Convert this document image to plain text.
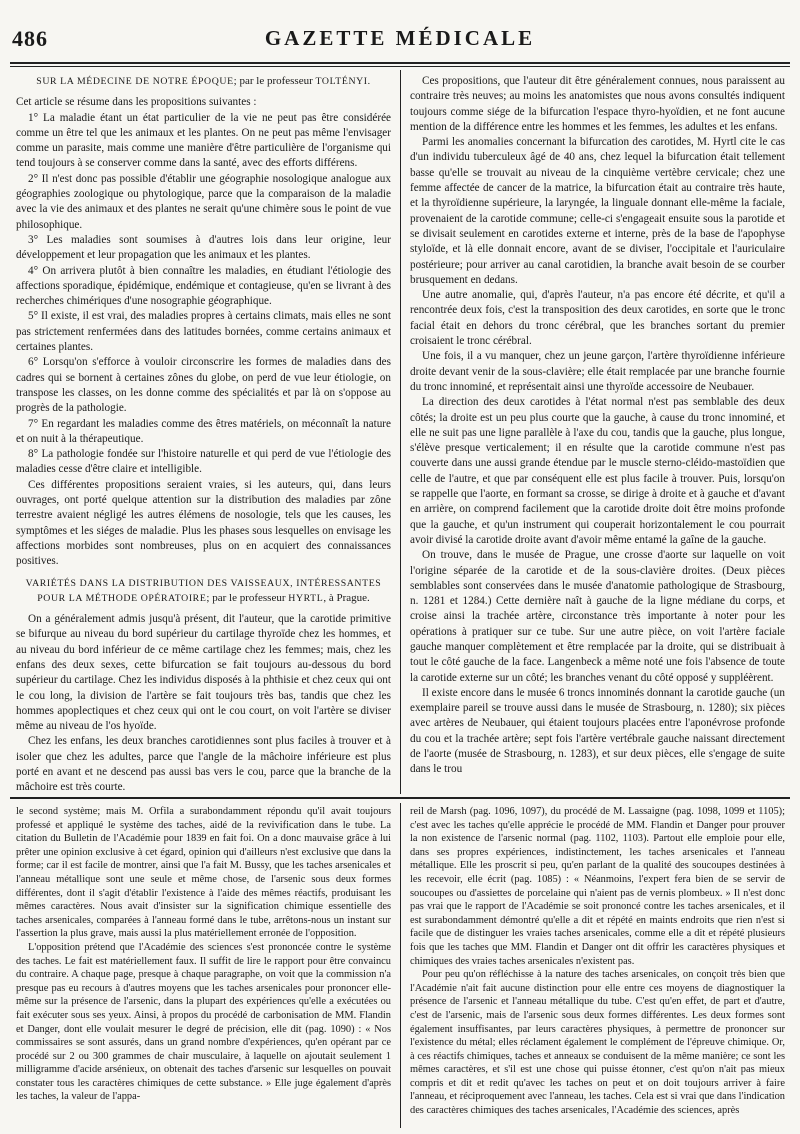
486	GAZETTE MÉDICALE

SUR LA MÉDECINE DE NOTRE ÉPOQUE; par le professeur TOLTÉNYI.

Cet article se résume dans les propositions suivantes :

1° La maladie étant un état particulier de la vie ne peut pas être considérée comme un être tel que les animaux et les plantes. On ne peut pas même l'envisager comme un parasite, mais comme une manière d'être particulière de l'organisme qui tend toujours à se conserver comme dans la santé, avec des efforts différens.

2° Il n'est donc pas possible d'établir une géographie nosologique analogue aux géographies zoologique ou phytologique, parce que la comparaison de la maladie avec la vie des animaux et des plantes ne serait qu'une chimère sous le point de vue philosophique.

3° Les maladies sont soumises à d'autres lois dans leur origine, leur développement et leur propagation que les animaux et les plantes.

4° On arrivera plutôt à bien connaître les maladies, en étudiant l'étiologie des affections sporadique, épidémique, endémique et contagieuse, qu'en se livrant à des recherches chimériques d'une nosographie géographique.

5° Il existe, il est vrai, des maladies propres à certains climats, mais elles ne sont pas strictement renfermées dans des latitudes bornées, comme certains animaux et certaines plantes.

6° Lorsqu'on s'efforce à vouloir circonscrire les formes de maladies dans des cadres qui se bornent à certaines zônes du globe, on perd de vue leur étiologie, on transpose les classes, on les donne comme des spécialités et par là on s'oppose au progrès de la pathologie.

7° En regardant les maladies comme des êtres matériels, on méconnaît la nature et on nuit à la thérapeutique.

8° La pathologie fondée sur l'histoire naturelle et qui perd de vue l'étiologie des maladies cesse d'être claire et intelligible.

Ces différentes propositions seraient vraies, si les auteurs, qui, dans leurs ouvrages, ont porté quelque attention sur la distribution des maladies par zône terrestre avaient négligé les autres élémens de nosologie, tels que les causes, les symptômes et les siéges de maladie. Plus les phases sous lesquelles on envisage les affections morbides sont nombreuses, plus on en acquiert des connaissances positives.

VARIÉTÉS DANS LA DISTRIBUTION DES VAISSEAUX, INTÉRESSANTES POUR LA MÉTHODE OPÉRATOIRE; par le professeur HYRTL, à Prague.

On a généralement admis jusqu'à présent, dit l'auteur, que la carotide primitive se bifurque au niveau du bord supérieur du cartilage thyroïde chez les hommes, et au niveau du bord inférieur de ce même cartilage chez les femmes; mais, chez les enfans des deux sexes, cette bifurcation se fait toujours au-dessous du bord supérieur du cartilage. Chez les individus disposés à la phthisie et chez ceux qui ont le cou long, la division de l'artère se fait toujours très bas, tandis que chez les hommes apoplectiques et chez ceux qui ont le cou court, on voit l'artère se diviser même au niveau de l'os hyoïde.

Chez les enfans, les deux branches carotidiennes sont plus faciles à trouver et à isoler que chez les adultes, parce que l'angle de la mâchoire inférieure est plus porté en avant et ne descend pas aussi bas vers le cou, parce que la branche de la mâchoire est très courte.

Ces propositions, que l'auteur dit être généralement connues, nous paraissent au contraire très neuves; au moins les anatomistes que nous avons consultés indiquent toujours comme siége de la bifurcation l'espace thyro-hyoïdien, et ne font aucune mention de la différence entre les hommes et les femmes, les adultes et les enfans.

Parmi les anomalies concernant la bifurcation des carotides, M. Hyrtl cite le cas d'un individu tuberculeux âgé de 40 ans, chez lequel la bifurcation était tellement basse qu'elle se trouvait au niveau de la cinquième vertèbre cervicale; chez une femme affectée de cancer de la matrice, la bifurcation était au contraire très haute, et la thyroïdienne supérieure, la laryngée, la linguale donnant elle-même la faciale, provenaient de la carotide commune; celle-ci s'engageait ensuite sous la parotide et se divisait seulement en carotides externe et interne, près de la base de l'apophyse styloïde, et là elle donnait encore, avant de se diviser, l'occipitale et l'auriculaire postérieure; pour arriver au canal carotidien, la branche avait besoin de se courber brusquement en dedans.

Une autre anomalie, qui, d'après l'auteur, n'a pas encore été décrite, et qu'il a rencontrée deux fois, c'est la transposition des deux carotides, en sorte que le tronc facial était en dehors du tronc cérébral, que les branches sortant du premier croisaient le tronc cérébral.

Une fois, il a vu manquer, chez un jeune garçon, l'artère thyroïdienne inférieure droite devant venir de la sous-clavière; elle était remplacée par une branche fournie du tronc innominé, et représentait ainsi une thyroïde accessoire de Neubauer.

La direction des deux carotides à l'état normal n'est pas semblable des deux côtés; la droite est un peu plus courte que la gauche, à cause du tronc innominé, et elle ne suit pas une ligne parallèle à l'axe du cou, tandis que la gauche, plus longue, s'élève presque verticalement; il en résulte que la carotide commune n'est pas couverte dans une aussi grande étendue par le muscle sterno-cléido-mastoïdien que celle de l'autre, et que par conséquent elle est plus facile à trouver. Puis, lorsqu'on se rappelle que l'aorte, en formant sa crosse, se dirige à droite et à gauche et d'avant en arrière, on comprend facilement que la carotide droite doit être moins profonde que la gauche, et qu'un instrument qui couperait horizontalement le cou pourrait avoir divisé la carotide droite avant d'avoir même entamé la gaîne de la gauche.

On trouve, dans le musée de Prague, une crosse d'aorte sur laquelle on voit l'origine séparée de la carotide et de la sous-clavière droites. (Deux pièces semblables sont conservées dans le musée d'anatomie pathologique de Strasbourg, n. 1281 et 1284.) Cette dernière naît à gauche de la ligne médiane du corps, et croise ainsi la trachée artère, circonstance très importante à noter pour les opérations à pratiquer sur ce tube. Sur une autre pièce, on voit l'artère faciale gauche manquer complètement et être remplacée par la droite, qui se distribuait à tout le côté gauche de la face. Langenbeck a même noté une fois l'absence de toute la carotide externe sur un côté; les branches venant du côté opposé y suppléèrent.

Il existe encore dans le musée 6 troncs innominés donnant la carotide gauche (un exemplaire pareil se trouve aussi dans le musée de Strasbourg, n. 1280); six pièces avec artères de Neubauer, qui étaient toujours placées entre l'aponévrose profonde du cou et la trachée artère; sept fois l'artère vertébrale gauche naissant directement de l'aorte (musée de Strasbourg, n. 1283), et sur deux pièces, elle s'engage de suite dans le trou

le second système; mais M. Orfila a surabondamment répondu qu'il avait toujours professé et appliqué le système des taches, aidé de la revivification dans le tube. La citation du Bulletin de l'Académie pour 1839 en fait foi. On a donc mauvaise grâce à lui prêter une opinion exclusive à cet égard, opinion qui d'ailleurs n'est exclusive que dans la forme; car il est facile de montrer, ainsi que l'a fait M. Bussy, que les taches arsenicales et l'anneau métallique sont une seule et même chose, de l'arsenic sous deux formes différentes, dont il s'agit d'établir l'existence à l'aide des mêmes réactifs, produisant les mêmes caractères. Nous avait d'insister sur la signification chimique essentielle des taches arsenicales, comparées à l'anneau formé dans le tube, arrêtons-nous un instant sur l'assertion la plus grave, mais aussi la plus matériellement erronée de l'opposition.

L'opposition prétend que l'Académie des sciences s'est prononcée contre le système des taches. Le fait est matériellement faux. Il suffit de lire le rapport pour être convaincu du contraire. A chaque page, presque à chaque paragraphe, on voit que la commission n'a presque pas eu recours à d'autres moyens que les taches arsenicales pour prononcer elle-même sur la présence de l'arsenic, dans la plupart des expériences qu'elle a exécutées ou fait exécuter sous ses yeux. Ainsi, à propos du procédé de carbonisation de MM. Flandin et Danger, dont elle voulait mesurer le degré de précision, elle dit (pag. 1090) : « Nos commissaires se sont assurés, dans un grand nombre d'expériences, qu'en opérant par ce procédé sur 2 ou 300 grammes de chair musculaire, à laquelle on ajoutait seulement 1 milligramme d'acide arsénieux, on obtenait des taches d'arsenic sur lesquelles on pouvait constater tous les caractères chimiques de cette substance. » Elle juge également d'après les taches, la valeur de l'appa-

reil de Marsh (pag. 1096, 1097), du procédé de M. Lassaigne (pag. 1098, 1099 et 1105); c'est avec les taches qu'elle apprécie le procédé de MM. Flandin et Danger pour prouver la non existence de l'arsenic normal (pag. 1102, 1103). Partout elle emploie pour elle, dans ses propres expériences, indistinctement, les taches arsenicales et l'anneau métallique. Elle les proscrit si peu, qu'en parlant de la qualité des soucoupes destinées à les recevoir, elle écrit (pag. 1085) : « Néanmoins, l'expert fera bien de se servir de soucoupes ou d'assiettes de porcelaine qui n'aient pas de vernis plombeux. » Il n'est donc pas vrai que le rapport de l'Académie se soit prononcé contre les taches arsenicales, et il est surabondamment démontré qu'elle a dit et répété en maints endroits que rien n'est si facile que de distinguer les vraies taches arsenicales, comme elle a dit et répété plusieurs fois que les taches que MM. Flandin et Danger ont dit offrir les caractères physiques et chimiques des vraies taches arsenicales n'existent pas.

Pour peu qu'on réfléchisse à la nature des taches arsenicales, on conçoit très bien que l'Académie n'ait fait aucune distinction pour elle entre ces moyens de diagnostiquer la présence de l'arsenic et l'anneau métallique du tube. C'est qu'en effet, de part et d'autre, c'est de l'arsenic, mais de l'arsenic sous deux formes différentes. Les deux formes sont également insuffisantes, par leurs caractères physiques, à permettre de prononcer sur l'existence du métal; elles réclament également le complément de l'épreuve chimique. Or, à ces réactifs chimiques, taches et anneaux se conduisent de la même manière; ce sont les mêmes caractères, et s'il est une chose qui puisse étonner, c'est qu'on n'ait pas mieux compris et dit et redit qu'avec les taches on peut et on doit toujours arriver à faire l'anneau, et réciproquement avec l'anneau, les taches. Cela est si vrai que dans l'indication des caractères chimiques des taches arsenicales, l'Académie des sciences, après
